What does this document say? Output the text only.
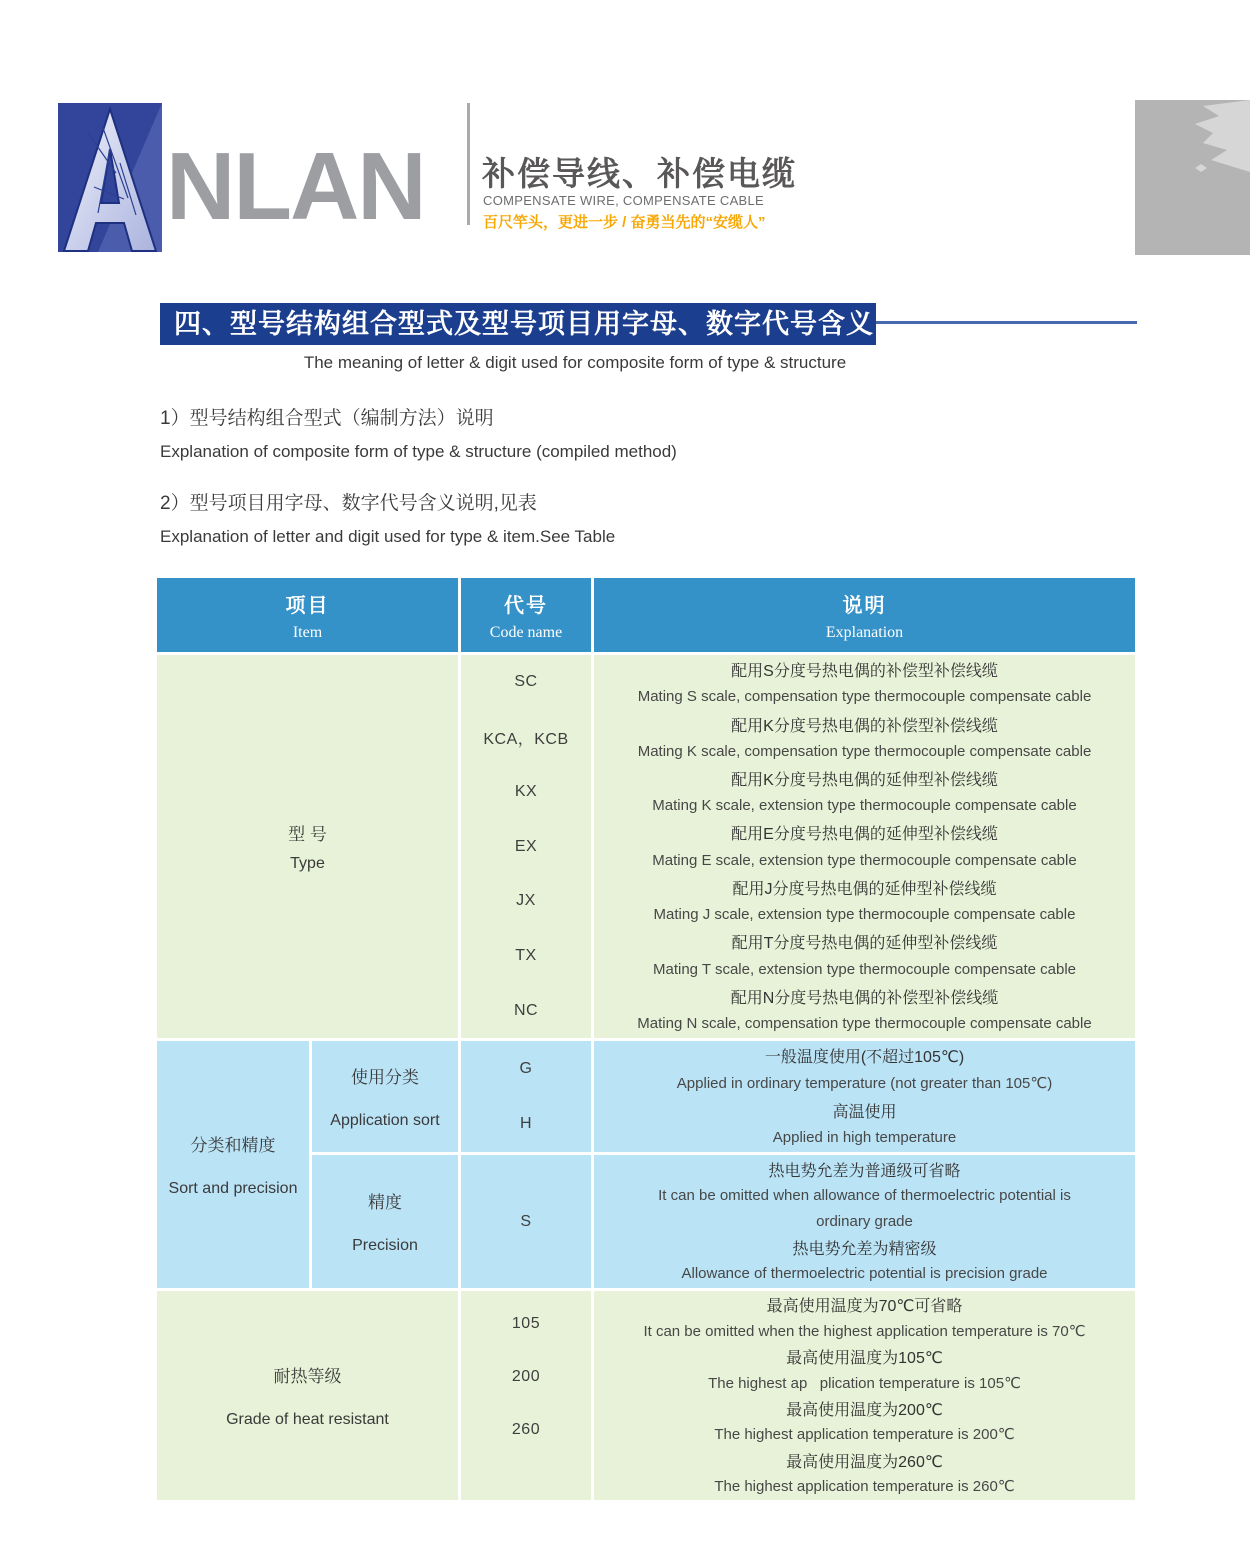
NLAN 补偿导线、补偿电缆
COMPENSATE WIRE, COMPENSATE CABLE
百尺竿头，更进一步 / 奋勇当先的“安缆人”
四、型号结构组合型式及型号项目用字母、数字代号含义
The meaning of letter & digit used for composite form of type & structure

1）型号结构组合型式（编制方法）说明

Explanation of composite form of type & structure (compiled method)

2）型号项目用字母、数字代号含义说明,见表

Explanation of letter and digit used for type & item.See Table

项目
Item
代号
Code name
说明
Explanation
型 号
Type
SC
KCA，KCB
KX
EX
JX
TX
NC
配用S分度号热电偶的补偿型补偿线缆
Mating S scale, compensation type thermocouple compensate cable
配用K分度号热电偶的补偿型补偿线缆
Mating K scale, compensation type thermocouple compensate cable
配用K分度号热电偶的延伸型补偿线缆
Mating K scale, extension type thermocouple compensate cable
配用E分度号热电偶的延伸型补偿线缆
Mating E scale, extension type thermocouple compensate cable
配用J分度号热电偶的延伸型补偿线缆
Mating J scale, extension type thermocouple compensate cable
配用T分度号热电偶的延伸型补偿线缆
Mating T scale, extension type thermocouple compensate cable
配用N分度号热电偶的补偿型补偿线缆
Mating N scale, compensation type thermocouple compensate cable
分类和精度
Sort and precision
使用分类
Application sort
G
H
一般温度使用(不超过105℃)
Applied in ordinary temperature (not greater than 105℃)
高温使用
Applied in high temperature
精度
Precision
S
热电势允差为普通级可省略
It can be omitted when allowance of thermoelectric potential is
ordinary grade
热电势允差为精密级
Allowance of thermoelectric potential is precision grade
耐热等级
Grade of heat resistant
105
200
260
最高使用温度为70℃可省略
It can be omitted when the highest application temperature is 70℃
最高使用温度为105℃
The highest ap   plication temperature is 105℃
最高使用温度为200℃
The highest application temperature is 200℃
最高使用温度为260℃
The highest application temperature is 260℃
